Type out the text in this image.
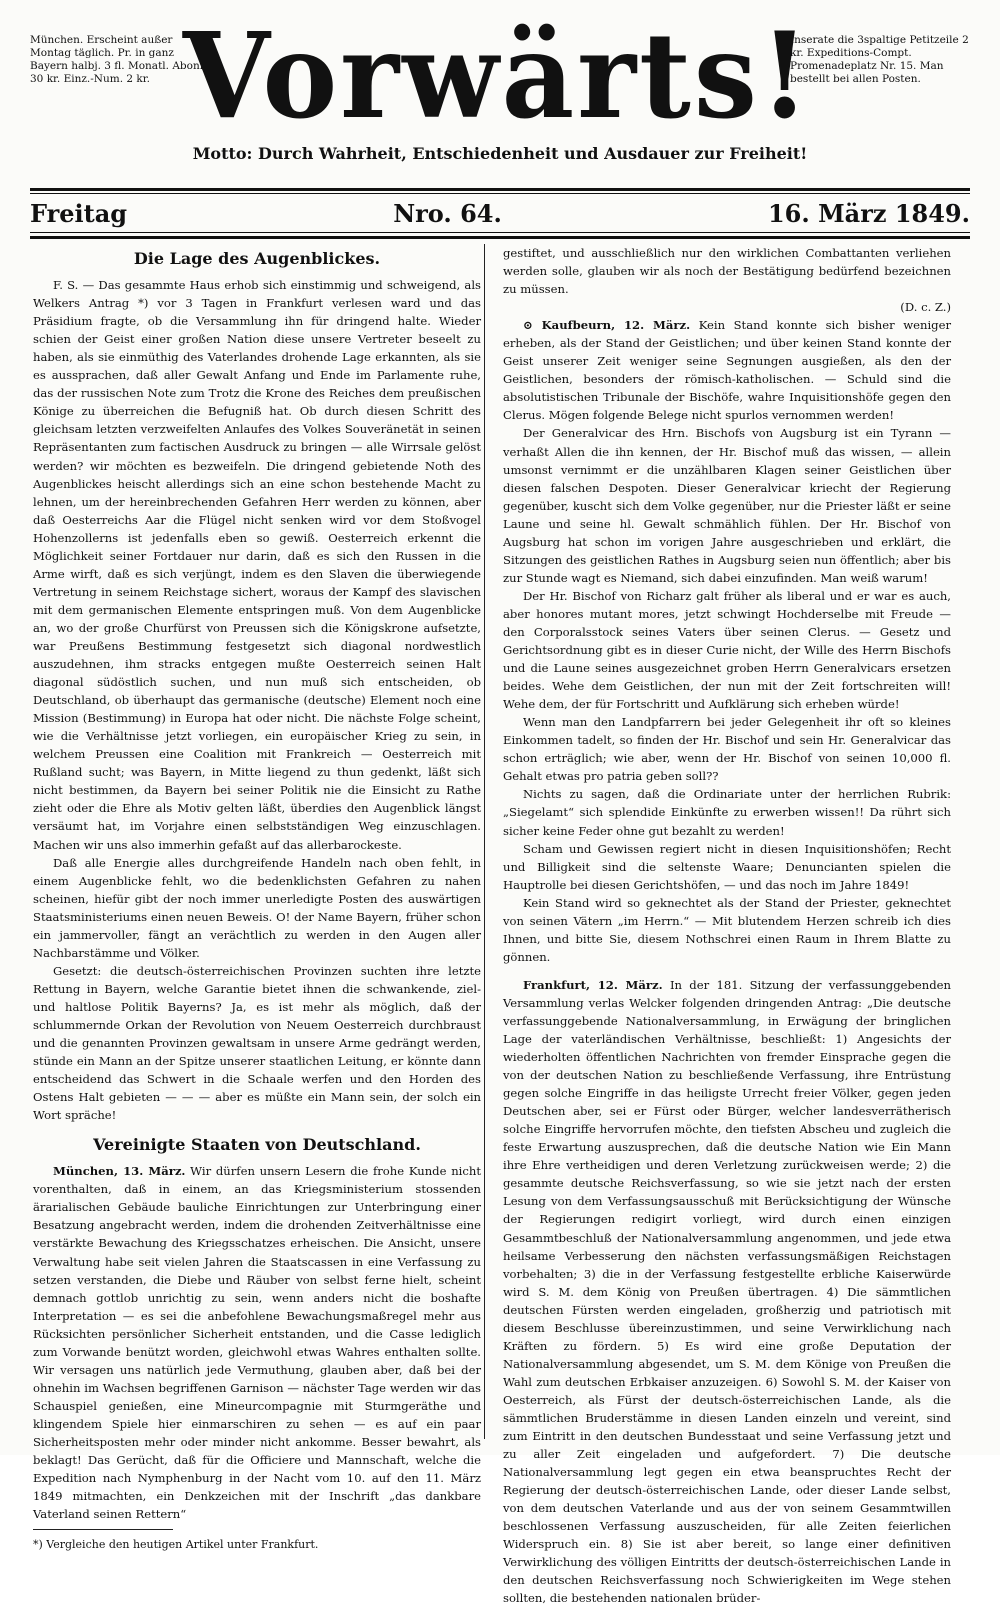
München. Erscheint außer Montag täglich. Pr. in ganz Bayern halbj. 3 fl. Monatl. Abonn. 30 kr. Einz.-Num. 2 kr. Vorwärts!
Inserate die 3spaltige Petitzeile 2 kr. Expeditions-Compt. Promenadeplatz Nr. 15. Man bestellt bei allen Posten.
Motto: Durch Wahrheit, Entschiedenheit und Ausdauer zur Freiheit!
Freitag	Nro. 64.	16. März 1849.
Die Lage des Augenblickes.

F. S. — Das gesammte Haus erhob sich einstimmig und schweigend, als Welkers Antrag *) vor 3 Tagen in Frankfurt verlesen ward und das Präsidium fragte, ob die Versammlung ihn für dringend halte. Wieder schien der Geist einer großen Nation diese unsere Vertreter beseelt zu haben, als sie einmüthig des Vaterlandes drohende Lage erkannten, als sie es aussprachen, daß aller Gewalt Anfang und Ende im Parlamente ruhe, das der russischen Note zum Trotz die Krone des Reiches dem preußischen Könige zu überreichen die Befugniß hat. Ob durch diesen Schritt des gleichsam letzten verzweifelten Anlaufes des Volkes Souveränetät in seinen Repräsentanten zum factischen Ausdruck zu bringen — alle Wirrsale gelöst werden? wir möchten es bezweifeln. Die dringend gebietende Noth des Augenblickes heischt allerdings sich an eine schon bestehende Macht zu lehnen, um der hereinbrechenden Gefahren Herr werden zu können, aber daß Oesterreichs Aar die Flügel nicht senken wird vor dem Stoßvogel Hohenzollerns ist jedenfalls eben so gewiß. Oesterreich erkennt die Möglichkeit seiner Fortdauer nur darin, daß es sich den Russen in die Arme wirft, daß es sich verjüngt, indem es den Slaven die überwiegende Vertretung in seinem Reichstage sichert, woraus der Kampf des slavischen mit dem germanischen Elemente entspringen muß. Von dem Augenblicke an, wo der große Churfürst von Preussen sich die Königskrone aufsetzte, war Preußens Bestimmung festgesetzt sich diagonal nordwestlich auszudehnen, ihm stracks entgegen mußte Oesterreich seinen Halt diagonal südöstlich suchen, und nun muß sich entscheiden, ob Deutschland, ob überhaupt das germanische (deutsche) Element noch eine Mission (Bestimmung) in Europa hat oder nicht. Die nächste Folge scheint, wie die Verhältnisse jetzt vorliegen, ein europäischer Krieg zu sein, in welchem Preussen eine Coalition mit Frankreich — Oesterreich mit Rußland sucht; was Bayern, in Mitte liegend zu thun gedenkt, läßt sich nicht bestimmen, da Bayern bei seiner Politik nie die Einsicht zu Rathe zieht oder die Ehre als Motiv gelten läßt, überdies den Augenblick längst versäumt hat, im Vorjahre einen selbstständigen Weg einzuschlagen. Machen wir uns also immerhin gefaßt auf das allerbarockeste.

Daß alle Energie alles durchgreifende Handeln nach oben fehlt, in einem Augenblicke fehlt, wo die bedenklichsten Gefahren zu nahen scheinen, hiefür gibt der noch immer unerledigte Posten des auswärtigen Staatsministeriums einen neuen Beweis. O! der Name Bayern, früher schon ein jammervoller, fängt an verächtlich zu werden in den Augen aller Nachbarstämme und Völker.

Gesetzt: die deutsch-österreichischen Provinzen suchten ihre letzte Rettung in Bayern, welche Garantie bietet ihnen die schwankende, ziel- und haltlose Politik Bayerns? Ja, es ist mehr als möglich, daß der schlummernde Orkan der Revolution von Neuem Oesterreich durchbraust und die genannten Provinzen gewaltsam in unsere Arme gedrängt werden, stünde ein Mann an der Spitze unserer staatlichen Leitung, er könnte dann entscheidend das Schwert in die Schaale werfen und den Horden des Ostens Halt gebieten — — — aber es müßte ein Mann sein, der solch ein Wort spräche!

Vereinigte Staaten von Deutschland.

München, 13. März. Wir dürfen unsern Lesern die frohe Kunde nicht vorenthalten, daß in einem, an das Kriegsministerium stossenden ärarialischen Gebäude bauliche Einrichtungen zur Unterbringung einer Besatzung angebracht werden, indem die drohenden Zeitverhältnisse eine verstärkte Bewachung des Kriegsschatzes erheischen. Die Ansicht, unsere Verwaltung habe seit vielen Jahren die Staatscassen in eine Verfassung zu setzen verstanden, die Diebe und Räuber von selbst ferne hielt, scheint demnach gottlob unrichtig zu sein, wenn anders nicht die boshafte Interpretation — es sei die anbefohlene Bewachungsmaßregel mehr aus Rücksichten persönlicher Sicherheit entstanden, und die Casse lediglich zum Vorwande benützt worden, gleichwohl etwas Wahres enthalten sollte. Wir versagen uns natürlich jede Vermuthung, glauben aber, daß bei der ohnehin im Wachsen begriffenen Garnison — nächster Tage werden wir das Schauspiel genießen, eine Mineurcompagnie mit Sturmgeräthe und klingendem Spiele hier einmarschiren zu sehen — es auf ein paar Sicherheitsposten mehr oder minder nicht ankomme. Besser bewahrt, als beklagt! Das Gerücht, daß für die Officiere und Mannschaft, welche die Expedition nach Nymphenburg in der Nacht vom 10. auf den 11. März 1849 mitmachten, ein Denkzeichen mit der Inschrift „das dankbare Vaterland seinen Rettern“

*) Vergleiche den heutigen Artikel unter Frankfurt.

gestiftet, und ausschließlich nur den wirklichen Combattanten verliehen werden solle, glauben wir als noch der Bestätigung bedürfend bezeichnen zu müssen.

(D. c. Z.)

⊙ Kaufbeurn, 12. März. Kein Stand konnte sich bisher weniger erheben, als der Stand der Geistlichen; und über keinen Stand konnte der Geist unserer Zeit weniger seine Segnungen ausgießen, als den der Geistlichen, besonders der römisch-katholischen. — Schuld sind die absolutistischen Tribunale der Bischöfe, wahre Inquisitionshöfe gegen den Clerus. Mögen folgende Belege nicht spurlos vernommen werden!

Der Generalvicar des Hrn. Bischofs von Augsburg ist ein Tyrann — verhaßt Allen die ihn kennen, der Hr. Bischof muß das wissen, — allein umsonst vernimmt er die unzählbaren Klagen seiner Geistlichen über diesen falschen Despoten. Dieser Generalvicar kriecht der Regierung gegenüber, kuscht sich dem Volke gegenüber, nur die Priester läßt er seine Laune und seine hl. Gewalt schmählich fühlen. Der Hr. Bischof von Augsburg hat schon im vorigen Jahre ausgeschrieben und erklärt, die Sitzungen des geistlichen Rathes in Augsburg seien nun öffentlich; aber bis zur Stunde wagt es Niemand, sich dabei einzufinden. Man weiß warum!

Der Hr. Bischof von Richarz galt früher als liberal und er war es auch, aber honores mutant mores, jetzt schwingt Hochderselbe mit Freude — den Corporalsstock seines Vaters über seinen Clerus. — Gesetz und Gerichtsordnung gibt es in dieser Curie nicht, der Wille des Herrn Bischofs und die Laune seines ausgezeichnet groben Herrn Generalvicars ersetzen beides. Wehe dem Geistlichen, der nun mit der Zeit fortschreiten will! Wehe dem, der für Fortschritt und Aufklärung sich erheben würde!

Wenn man den Landpfarrern bei jeder Gelegenheit ihr oft so kleines Einkommen tadelt, so finden der Hr. Bischof und sein Hr. Generalvicar das schon erträglich; wie aber, wenn der Hr. Bischof von seinen 10,000 fl. Gehalt etwas pro patria geben soll??

Nichts zu sagen, daß die Ordinariate unter der herrlichen Rubrik: „Siegelamt“ sich splendide Einkünfte zu erwerben wissen!! Da rührt sich sicher keine Feder ohne gut bezahlt zu werden!

Scham und Gewissen regiert nicht in diesen Inquisitionshöfen; Recht und Billigkeit sind die seltenste Waare; Denuncianten spielen die Hauptrolle bei diesen Gerichtshöfen, — und das noch im Jahre 1849!

Kein Stand wird so geknechtet als der Stand der Priester, geknechtet von seinen Vätern „im Herrn.“ — Mit blutendem Herzen schreib ich dies Ihnen, und bitte Sie, diesem Nothschrei einen Raum in Ihrem Blatte zu gönnen.

Frankfurt, 12. März. In der 181. Sitzung der verfassunggebenden Versammlung verlas Welcker folgenden dringenden Antrag: „Die deutsche verfassunggebende Nationalversammlung, in Erwägung der bringlichen Lage der vaterländischen Verhältnisse, beschließt: 1) Angesichts der wiederholten öffentlichen Nachrichten von fremder Einsprache gegen die von der deutschen Nation zu beschließende Verfassung, ihre Entrüstung gegen solche Eingriffe in das heiligste Urrecht freier Völker, gegen jeden Deutschen aber, sei er Fürst oder Bürger, welcher landesverrätherisch solche Eingriffe hervorrufen möchte, den tiefsten Abscheu und zugleich die feste Erwartung auszusprechen, daß die deutsche Nation wie Ein Mann ihre Ehre vertheidigen und deren Verletzung zurückweisen werde; 2) die gesammte deutsche Reichsverfassung, so wie sie jetzt nach der ersten Lesung von dem Verfassungsausschuß mit Berücksichtigung der Wünsche der Regierungen redigirt vorliegt, wird durch einen einzigen Gesammtbeschluß der Nationalversammlung angenommen, und jede etwa heilsame Verbesserung den nächsten verfassungsmäßigen Reichstagen vorbehalten; 3) die in der Verfassung festgestellte erbliche Kaiserwürde wird S. M. dem König von Preußen übertragen. 4) Die sämmtlichen deutschen Fürsten werden eingeladen, großherzig und patriotisch mit diesem Beschlusse übereinzustimmen, und seine Verwirklichung nach Kräften zu fördern. 5) Es wird eine große Deputation der Nationalversammlung abgesendet, um S. M. dem Könige von Preußen die Wahl zum deutschen Erbkaiser anzuzeigen. 6) Sowohl S. M. der Kaiser von Oesterreich, als Fürst der deutsch-österreichischen Lande, als die sämmtlichen Bruderstämme in diesen Landen einzeln und vereint, sind zum Eintritt in den deutschen Bundesstaat und seine Verfassung jetzt und zu aller Zeit eingeladen und aufgefordert. 7) Die deutsche Nationalversammlung legt gegen ein etwa beanspruchtes Recht der Regierung der deutsch-österreichischen Lande, oder dieser Lande selbst, von dem deutschen Vaterlande und aus der von seinem Gesammtwillen beschlossenen Verfassung auszuscheiden, für alle Zeiten feierlichen Widerspruch ein. 8) Sie ist aber bereit, so lange einer definitiven Verwirklichung des völligen Eintritts der deutsch-österreichischen Lande in den deutschen Reichsverfassung noch Schwierigkeiten im Wege stehen sollten, die bestehenden nationalen brüder-
